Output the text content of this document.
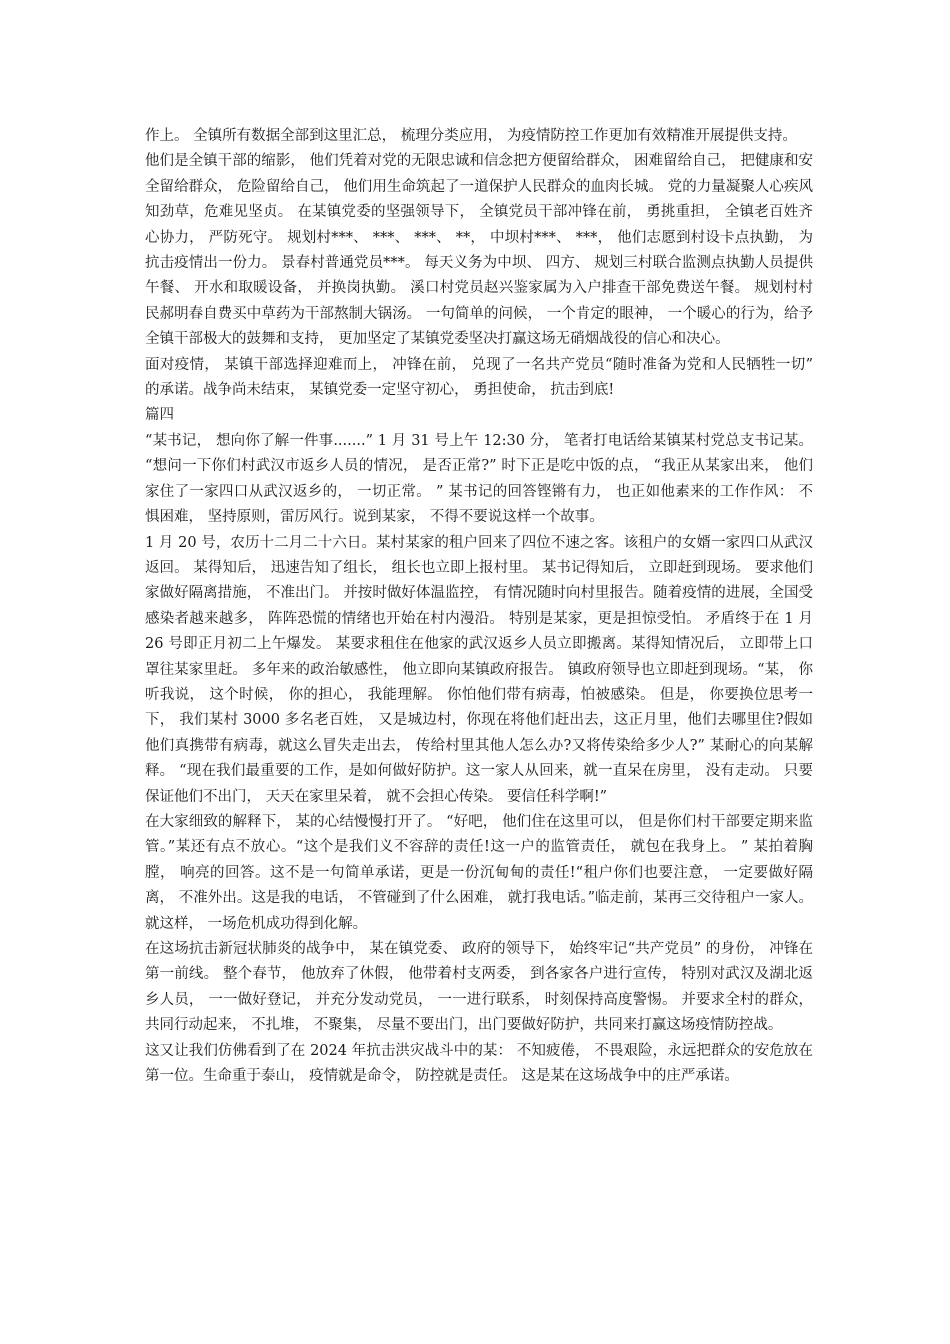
作上。 全镇所有数据全部到这里汇总， 梳理分类应用， 为疫情防控工作更加有效精准开展提供支持。

他们是全镇干部的缩影， 他们凭着对党的无限忠诚和信念把方便留给群众， 困难留给自己， 把健康和安全留给群众， 危险留给自己， 他们用生命筑起了一道保护人民群众的血肉长城。 党的力量凝聚人心疾风知劲草，危难见坚贞。 在某镇党委的坚强领导下， 全镇党员干部冲锋在前， 勇挑重担， 全镇老百姓齐心协力， 严防死守。 规划村***、 ***、 ***、 **， 中坝村***、 ***， 他们志愿到村设卡点执勤， 为抗击疫情出一份力。 景春村普通党员***。 每天义务为中坝、 四方、 规划三村联合监测点执勤人员提供午餐、 开水和取暖设备， 并换岗执勤。 溪口村党员赵兴鉴家属为入户排查干部免费送午餐。 规划村村民郝明春自费买中草药为干部熬制大锅汤。 一句简单的问候， 一个肯定的眼神， 一个暖心的行为，给予全镇干部极大的鼓舞和支持， 更加坚定了某镇党委坚决打赢这场无硝烟战役的信心和决心。

面对疫情， 某镇干部选择迎难而上， 冲锋在前， 兑现了一名共产党员“随时准备为党和人民牺牲一切” 的承诺。战争尚未结束， 某镇党委一定坚守初心， 勇担使命， 抗击到底!

篇四

“某书记， 想向你了解一件事.......” 1 月 31 号上午 12:30 分， 笔者打电话给某镇某村党总支书记某。 “想问一下你们村武汉市返乡人员的情况， 是否正常?” 时下正是吃中饭的点， “我正从某家出来， 他们家住了一家四口从武汉返乡的， 一切正常。 ” 某书记的回答铿锵有力， 也正如他素来的工作作风： 不惧困难， 坚持原则，雷厉风行。说到某家， 不得不要说这样一个故事。

1 月 20 号，农历十二月二十六日。某村某家的租户回来了四位不速之客。该租户的女婿一家四口从武汉返回。 某得知后， 迅速告知了组长， 组长也立即上报村里。 某书记得知后， 立即赶到现场。 要求他们家做好隔离措施， 不准出门。 并按时做好体温监控， 有情况随时向村里报告。随着疫情的进展，全国受感染者越来越多， 阵阵恐慌的情绪也开始在村内漫沿。 特别是某家，更是担惊受怕。 矛盾终于在 1 月 26 号即正月初二上午爆发。 某要求租住在他家的武汉返乡人员立即搬离。某得知情况后， 立即带上口罩往某家里赶。 多年来的政治敏感性， 他立即向某镇政府报告。 镇政府领导也立即赶到现场。“某， 你听我说， 这个时候， 你的担心， 我能理解。 你怕他们带有病毒，怕被感染。 但是， 你要换位思考一下， 我们某村 3000 多名老百姓， 又是城边村，你现在将他们赶出去，这正月里，他们去哪里住?假如他们真携带有病毒，就这么冒失走出去， 传给村里其他人怎么办?又将传染给多少人?” 某耐心的向某解释。 “现在我们最重要的工作，是如何做好防护。这一家人从回来，就一直呆在房里， 没有走动。 只要保证他们不出门， 天天在家里呆着， 就不会担心传染。 要信任科学啊!”

在大家细致的解释下， 某的心结慢慢打开了。 “好吧， 他们住在这里可以， 但是你们村干部要定期来监管。”某还有点不放心。“这个是我们义不容辞的责任!这一户的监管责任， 就包在我身上。 ” 某拍着胸膛， 响亮的回答。这不是一句简单承诺，更是一份沉甸甸的责任!“租户你们也要注意， 一定要做好隔离， 不准外出。这是我的电话， 不管碰到了什么困难， 就打我电话。”临走前，某再三交待租户一家人。就这样， 一场危机成功得到化解。

在这场抗击新冠状肺炎的战争中， 某在镇党委、 政府的领导下， 始终牢记“共产党员” 的身份， 冲锋在第一前线。 整个春节， 他放弃了休假， 他带着村支两委， 到各家各户进行宣传， 特别对武汉及湖北返乡人员， 一一做好登记， 并充分发动党员， 一一进行联系， 时刻保持高度警惕。 并要求全村的群众， 共同行动起来， 不扎堆， 不聚集， 尽量不要出门，出门要做好防护，共同来打赢这场疫情防控战。

这又让我们仿佛看到了在 2024 年抗击洪灾战斗中的某： 不知疲倦， 不畏艰险，永远把群众的安危放在第一位。生命重于泰山， 疫情就是命令， 防控就是责任。 这是某在这场战争中的庄严承诺。
